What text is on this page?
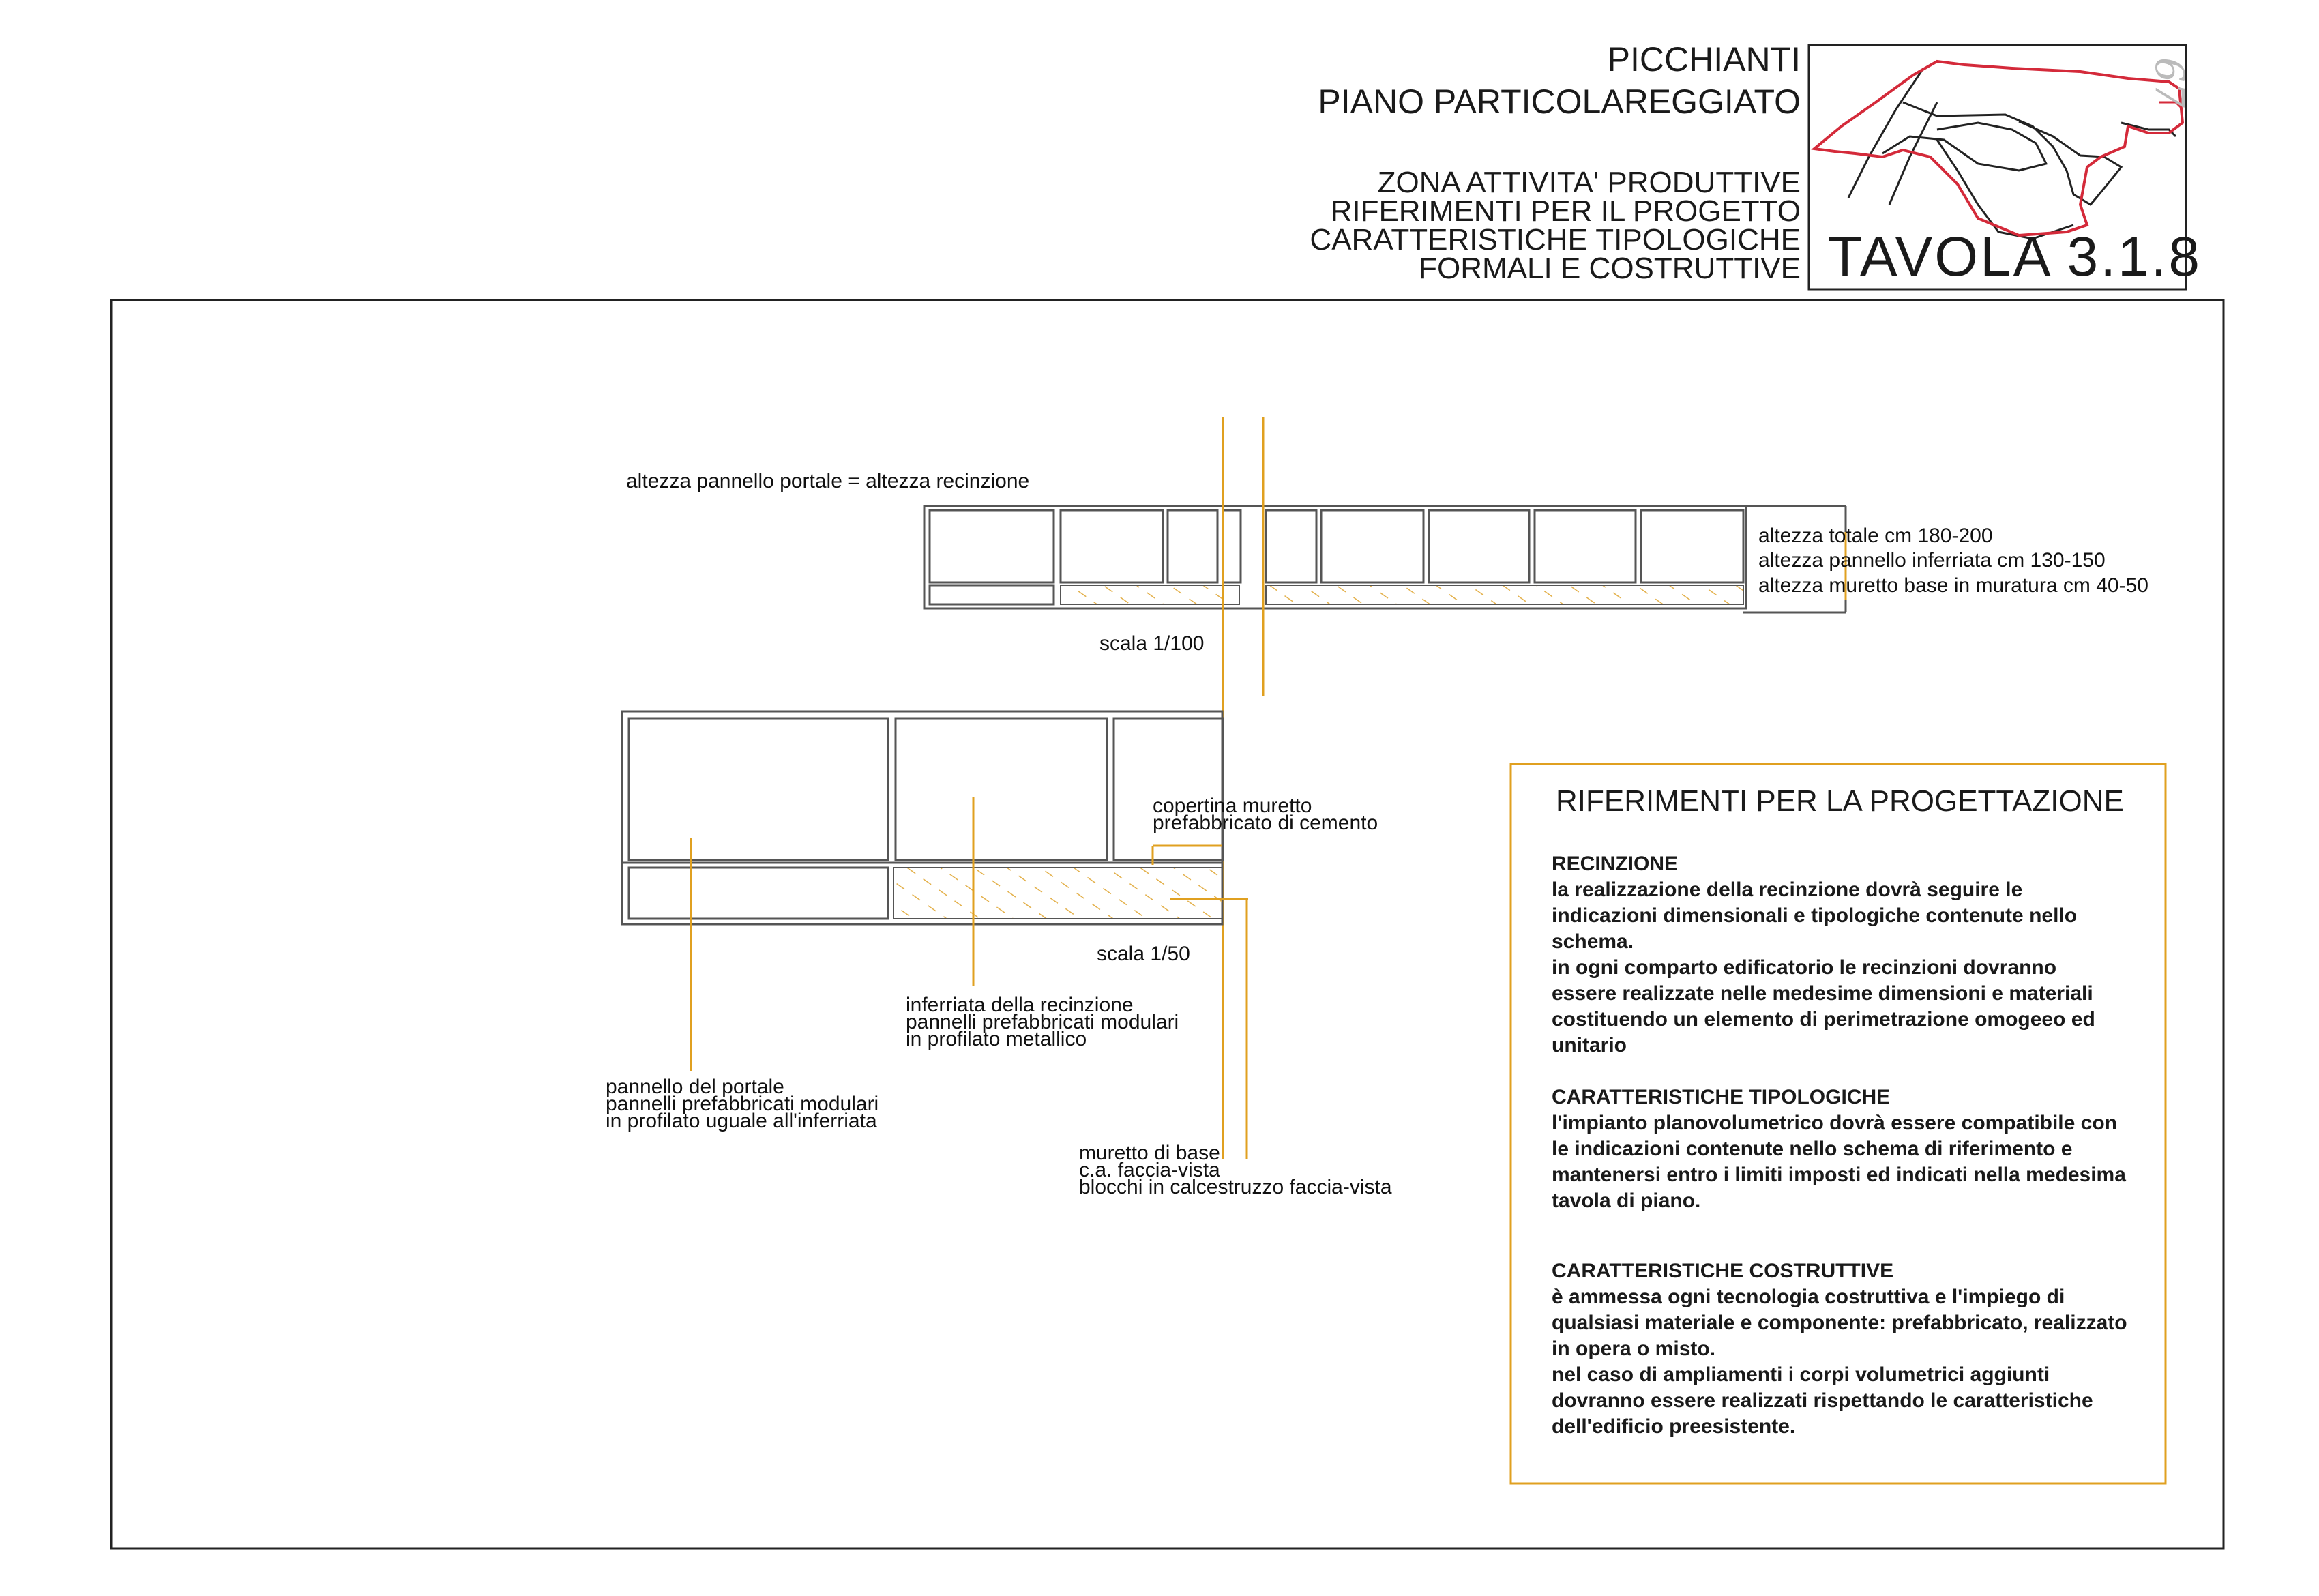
PICCHIANTI
PIANO PARTICOLAREGGIATO
ZONA ATTIVITA' PRODUTTIVE
RIFERIMENTI PER IL PROGETTO
CARATTERISTICHE TIPOLOGICHE
FORMALI E COSTRUTTIVE TAVOLA 3.1.8
67
altezza pannello portale = altezza recinzione
altezza totale cm 180-200
altezza pannello inferriata cm 130-150
altezza muretto base in muratura cm 40-50
scala 1/100
scala 1/50
copertina muretto
prefabbricato di cemento
inferriata della recinzione
pannelli prefabbricati modulari
in profilato metallico
pannello del portale
pannelli prefabbricati modulari
in profilato uguale all'inferriata
muretto di base
c.a. faccia-vista
blocchi in calcestruzzo faccia-vista
RIFERIMENTI PER LA PROGETTAZIONE
RECINZIONE
la realizzazione della recinzione dovrà seguire le
indicazioni dimensionali e tipologiche contenute nello
schema.
in ogni comparto edificatorio le recinzioni dovranno
essere realizzate nelle medesime dimensioni e materiali
costituendo un elemento di perimetrazione omogeeo ed
unitario
CARATTERISTICHE TIPOLOGICHE
l'impianto planovolumetrico dovrà essere compatibile con
le indicazioni contenute nello schema di riferimento e
mantenersi entro i limiti imposti ed indicati nella medesima
tavola di piano.
CARATTERISTICHE COSTRUTTIVE
è ammessa ogni tecnologia costruttiva e l'impiego di
qualsiasi materiale e componente: prefabbricato, realizzato
in opera o misto.
nel caso di ampliamenti i corpi volumetrici aggiunti
dovranno essere realizzati rispettando le caratteristiche
dell'edificio preesistente.
